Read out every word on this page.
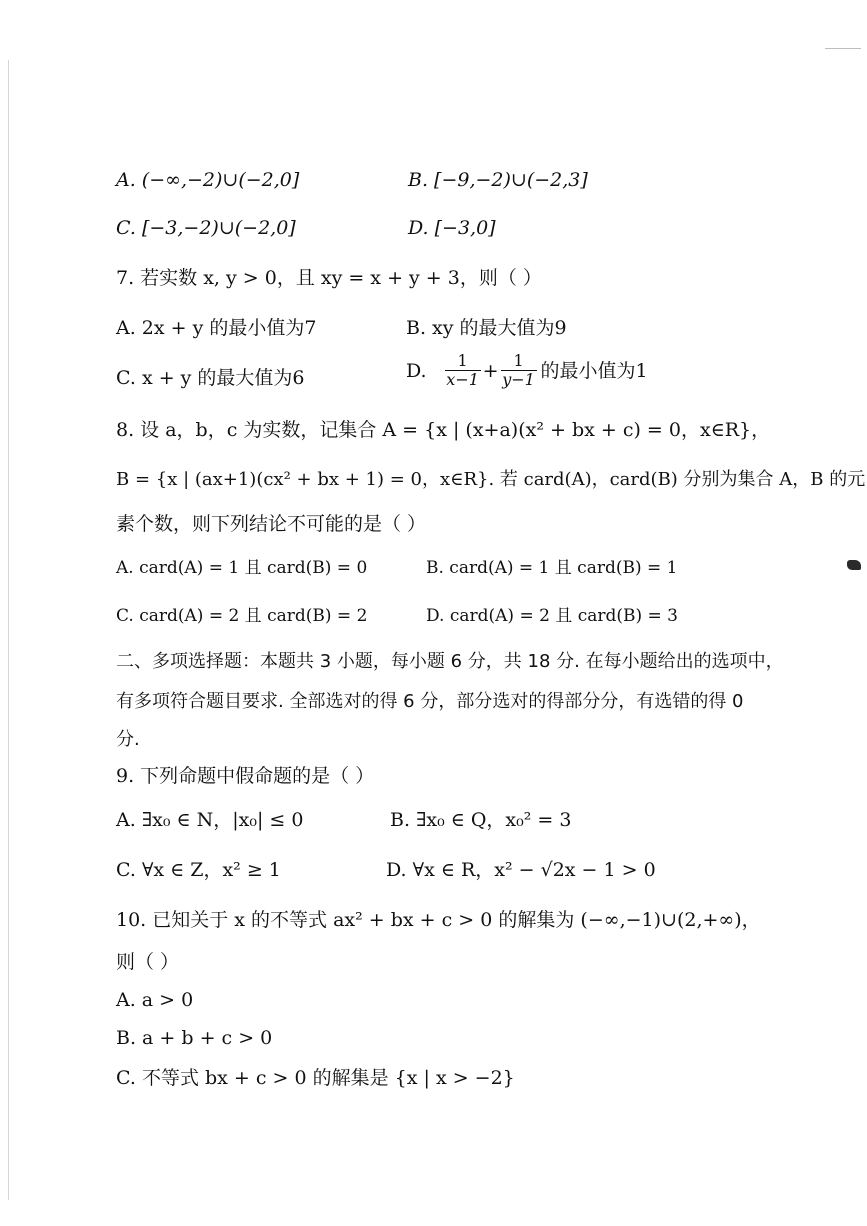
A. (−∞,−2)∪(−2,0]	B. [−9,−2)∪(−2,3]
C. [−3,−2)∪(−2,0]	D. [−3,0]
7. 若实数 x, y > 0，且 xy = x + y + 3，则（ ）
A. 2x + y 的最小值为7	B. xy 的最大值为9
C. x + y 的最大值为6	D. 1
x−1 + 1
y−1 的最小值为1
8. 设 a，b，c 为实数，记集合 A = {x | (x+a)(x² + bx + c) = 0，x∈R}，
B = {x | (ax+1)(cx² + bx + 1) = 0，x∈R}. 若 card(A)，card(B) 分别为集合 A，B 的元
素个数，则下列结论不可能的是（ ）
A. card(A) = 1 且 card(B) = 0	B. card(A) = 1 且 card(B) = 1
C. card(A) = 2 且 card(B) = 2	D. card(A) = 2 且 card(B) = 3
二、多项选择题：本题共 3 小题，每小题 6 分，共 18 分. 在每小题给出的选项中，
有多项符合题目要求. 全部选对的得 6 分，部分选对的得部分分，有选错的得 0
分.
9. 下列命题中假命题的是（ ）
A. ∃x₀ ∈ N，|x₀| ≤ 0	B. ∃x₀ ∈ Q，x₀² = 3
C. ∀x ∈ Z，x² ≥ 1	D. ∀x ∈ R，x² − √2x − 1 > 0
10. 已知关于 x 的不等式 ax² + bx + c > 0 的解集为 (−∞,−1)∪(2,+∞)，
则（ ）
A. a > 0
B. a + b + c > 0
C. 不等式 bx + c > 0 的解集是 {x | x > −2}
